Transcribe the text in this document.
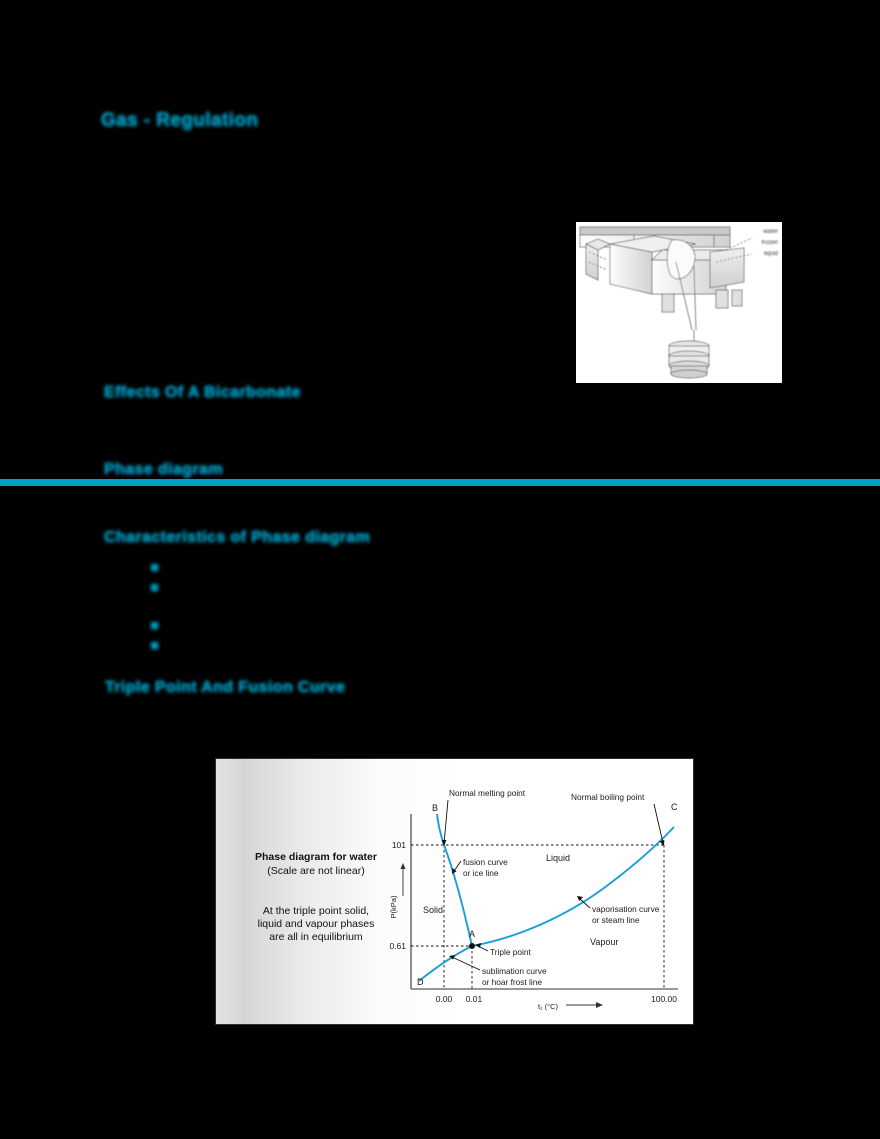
Gas - Regulation
Effects Of A Bicarbonate
Phase diagram
Characteristics of Phase diagram
■
■
■
■
Triple Point And Fusion Curve
water
frozen
liquid
Phase diagram for water
(Scale are not linear)
At the triple point solid,
liquid and vapour phases
are all in equilibrium
P(kPa)
t₁ (°C)
B	C
A
D
Solid
Liquid
Vapour
Normal melting point	Normal boiling point
fusion curve
or ice line
vaporisation curve
or steam line
Triple point
sublimation curve
or hoar frost line
101
0.61
0.00 0.01	100.00
